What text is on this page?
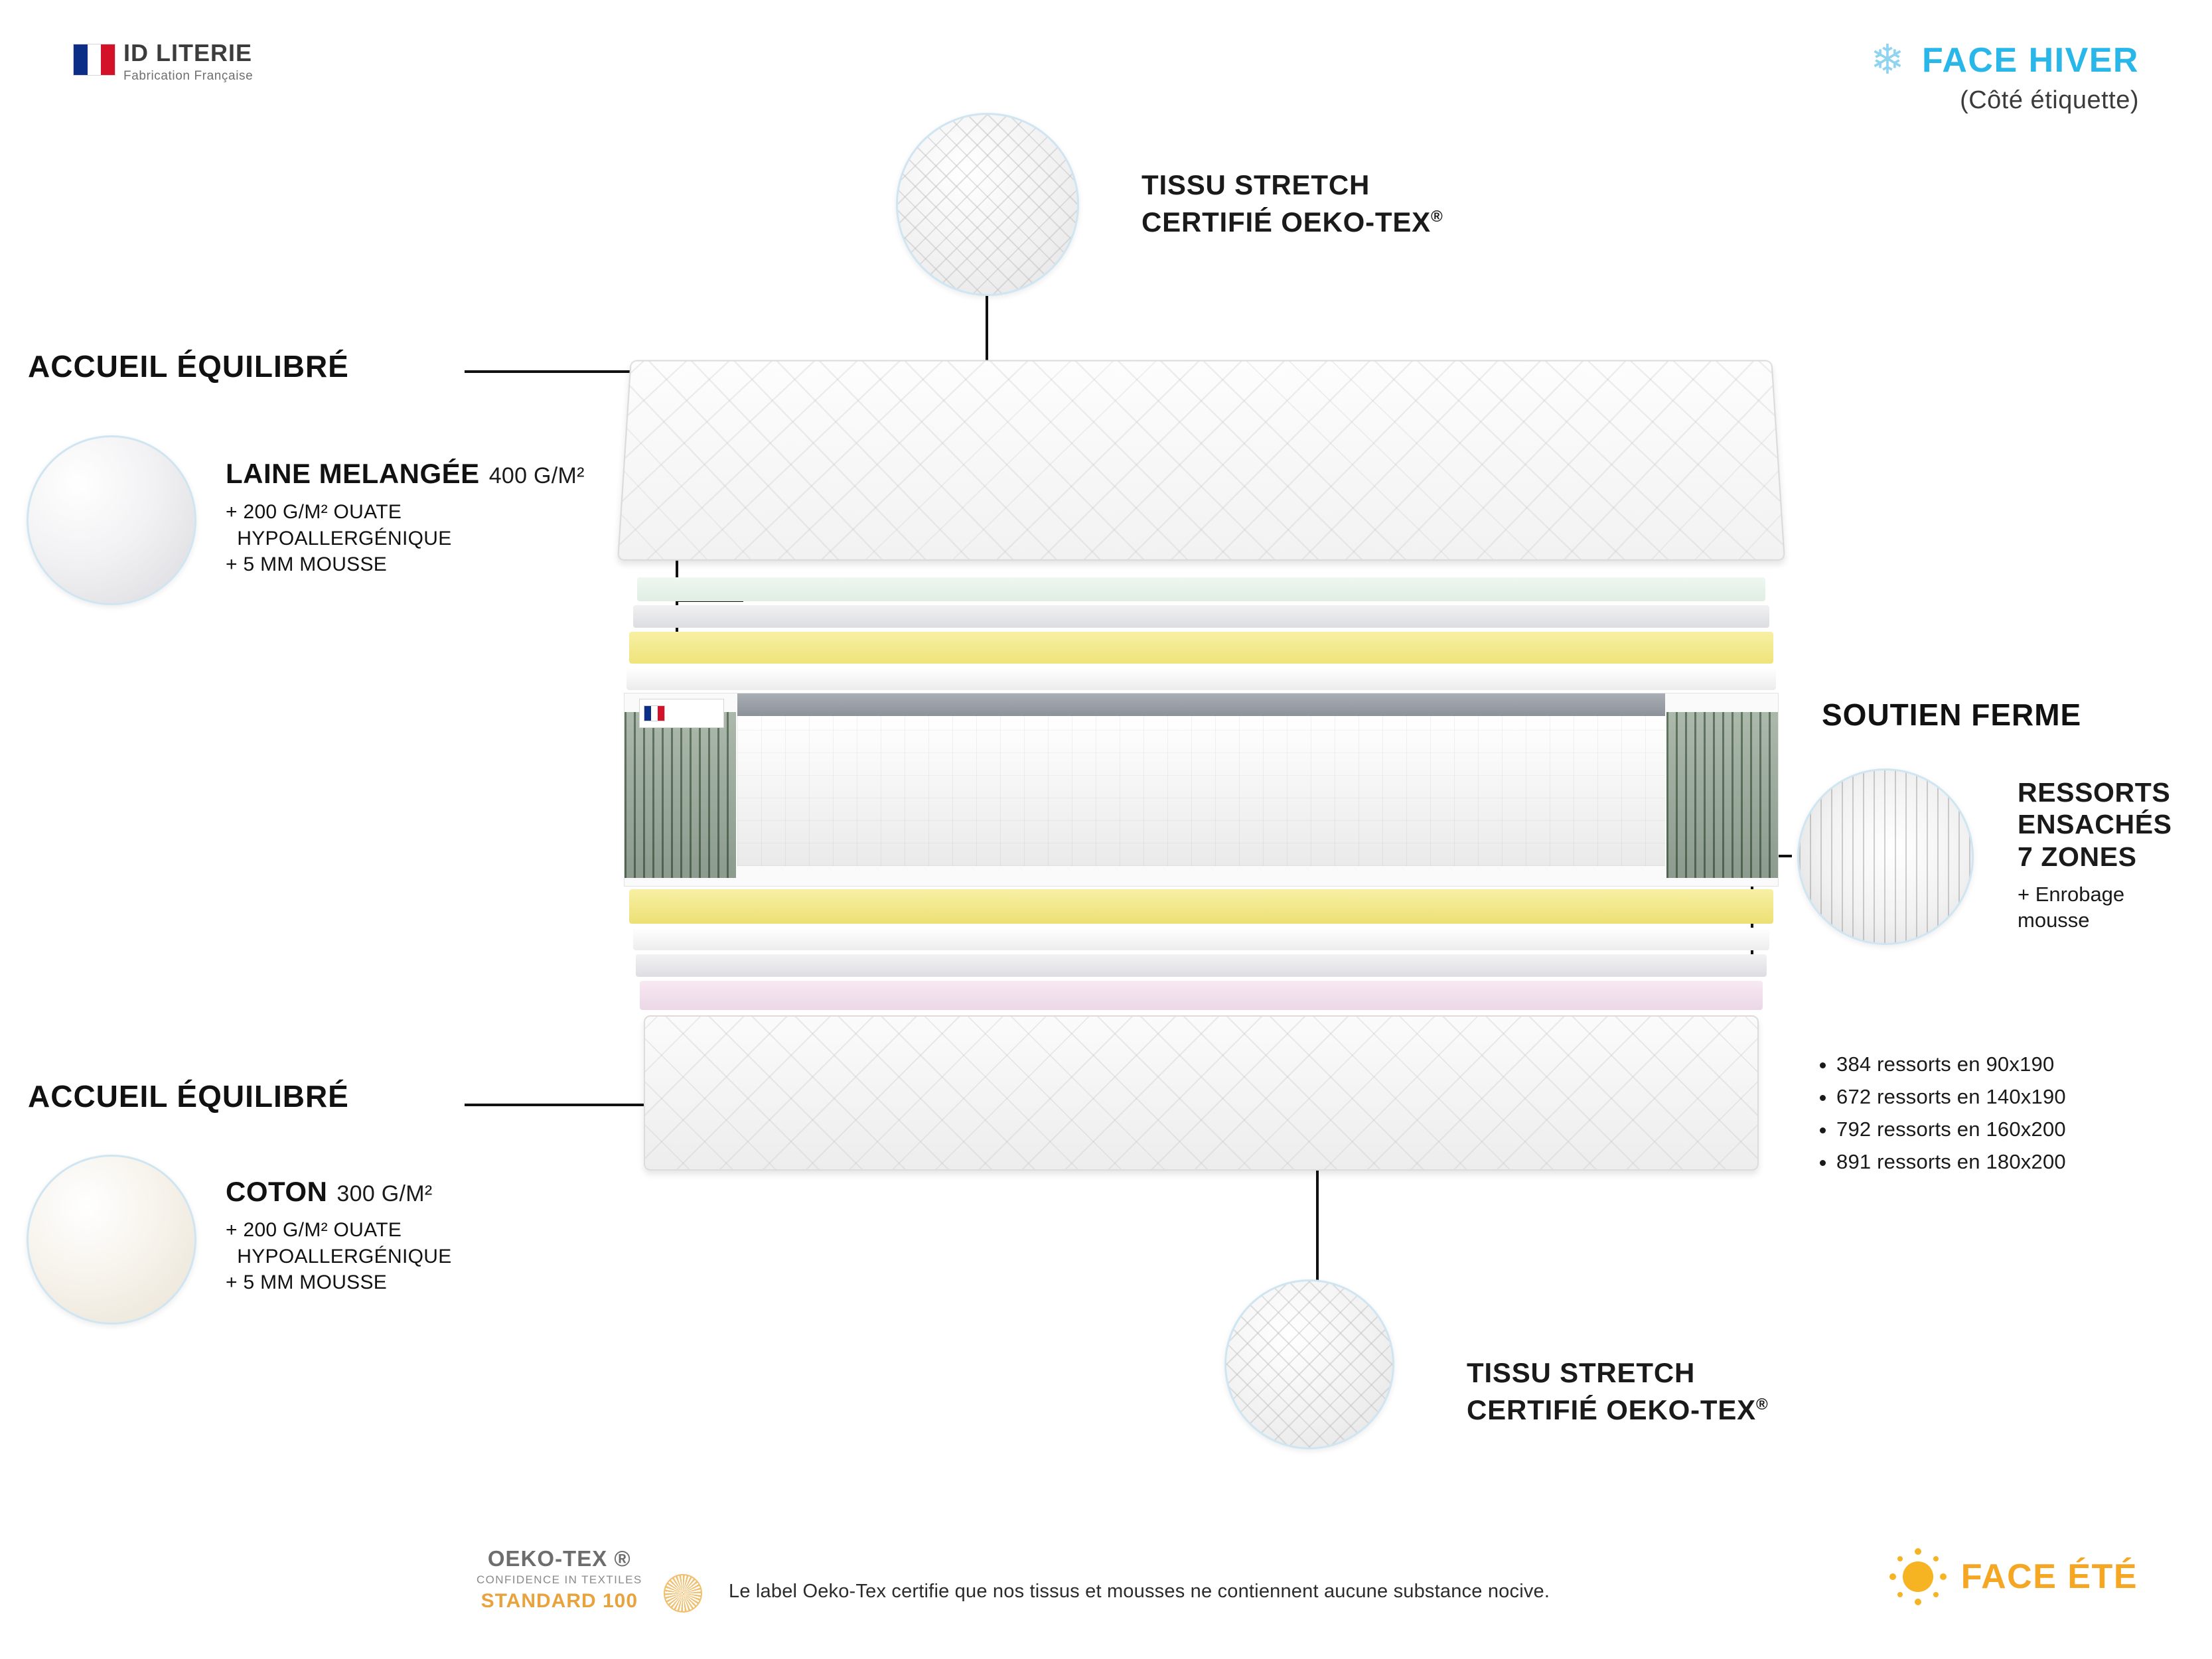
ID LITERIE
Fabrication Française	❄ FACE HIVER
(Côté étiquette)
TISSU STRETCH
CERTIFIÉ OEKO-TEX®
ACCUEIL ÉQUILIBRÉ
LAINE MELANGÉE 400 G/M²
+ 200 G/M² OUATE
HYPOALLERGÉNIQUE
+ 5 MM MOUSSE
ACCUEIL ÉQUILIBRÉ
COTON 300 G/M²
+ 200 G/M² OUATE
HYPOALLERGÉNIQUE
+ 5 MM MOUSSE
SOUTIEN FERME
RESSORTS
ENSACHÉS
7 ZONES
+ Enrobage
mousse
• 384 ressorts en 90x190
• 672 ressorts en 140x190
• 792 ressorts en 160x200
• 891 ressorts en 180x200
TISSU STRETCH
CERTIFIÉ OEKO-TEX®
OEKO-TEX ®
CONFIDENCE IN TEXTILES
STANDARD 100	Le label Oeko-Tex certifie que nos tissus et mousses ne contiennent aucune substance nocive.	FACE ÉTÉ
